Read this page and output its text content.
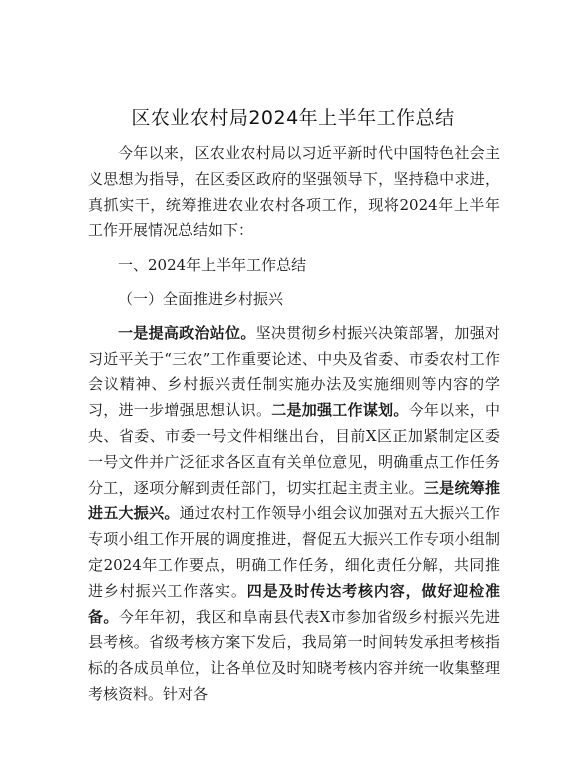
区农业农村局2024年上半年工作总结

今年以来，区农业农村局以习近平新时代中国特色社会主义思想为指导，在区委区政府的坚强领导下，坚持稳中求进，真抓实干，统筹推进农业农村各项工作，现将2024年上半年工作开展情况总结如下：

一、2024年上半年工作总结

（一）全面推进乡村振兴

一是提高政治站位。坚决贯彻乡村振兴决策部署，加强对习近平关于“三农”工作重要论述、中央及省委、市委农村工作会议精神、乡村振兴责任制实施办法及实施细则等内容的学习，进一步增强思想认识。二是加强工作谋划。今年以来，中央、省委、市委一号文件相继出台，目前X区正加紧制定区委一号文件并广泛征求各区直有关单位意见，明确重点工作任务分工，逐项分解到责任部门，切实扛起主责主业。三是统筹推进五大振兴。通过农村工作领导小组会议加强对五大振兴工作专项小组工作开展的调度推进，督促五大振兴工作专项小组制定2024年工作要点，明确工作任务，细化责任分解，共同推进乡村振兴工作落实。四是及时传达考核内容，做好迎检准备。今年年初，我区和阜南县代表X市参加省级乡村振兴先进县考核。省级考核方案下发后，我局第一时间转发承担考核指标的各成员单位，让各单位及时知晓考核内容并统一收集整理考核资料。针对各
